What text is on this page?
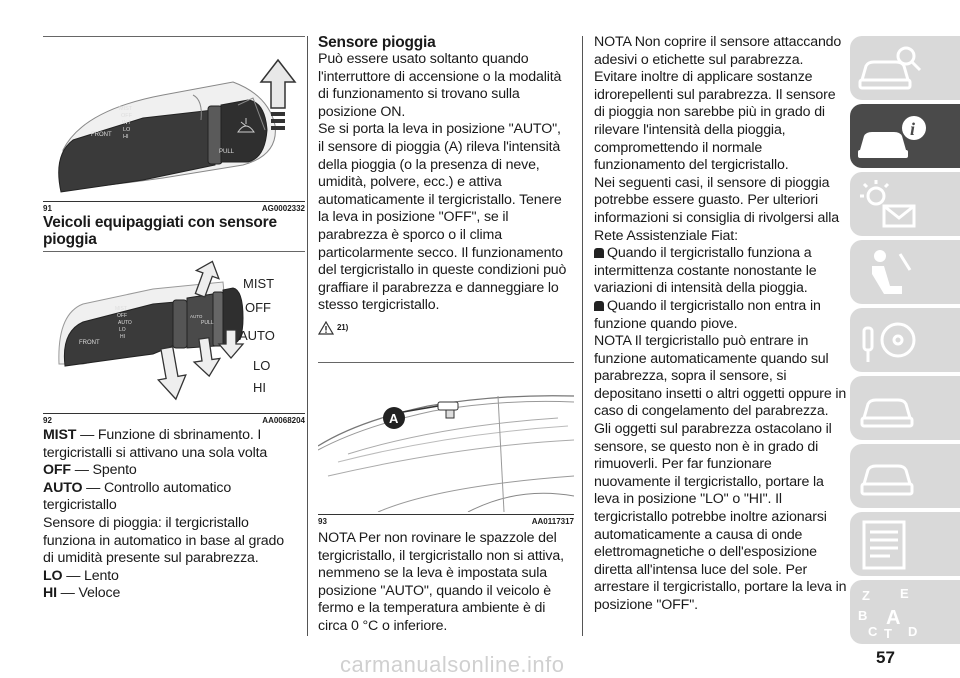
FRONT
MIST
OFF
INT
LO
HI
PULL
91	AG0002332
Veicoli equipaggiati con sensore pioggia
FRONT
MIST
OFF
AUTO
LO
HI
AUTO
PULL
MIST
OFF
AUTO
LO
HI
92	AA0068204

MIST — Funzione di sbrinamento. I tergicristalli si attivano una sola volta

OFF — Spento

AUTO — Controllo automatico tergicristallo

Sensore di pioggia: il tergicristallo funziona in automatico in base al grado di umidità presente sul parabrezza.

LO — Lento

HI — Veloce

Sensore pioggia

Può essere usato soltanto quando l'interruttore di accensione o la modalità di funzionamento si trovano sulla posizione ON.

Se si porta la leva in posizione "AUTO", il sensore di pioggia (A) rileva l'intensità della pioggia (o la presenza di neve, umidità, polvere, ecc.) e attiva automaticamente il tergicristallo. Tenere la leva in posizione "OFF", se il parabrezza è sporco o il clima particolarmente secco. Il funzionamento del tergicristallo in queste condizioni può graffiare il parabrezza e danneggiare lo stesso tergicristallo.

21)
A
93	AA0117317

NOTA Per non rovinare le spazzole del tergicristallo, il tergicristallo non si attiva, nemmeno se la leva è impostata sula posizione "AUTO", quando il veicolo è fermo e la temperatura ambiente è di circa 0 °C o inferiore.

NOTA Non coprire il sensore attaccando adesivi o etichette sul parabrezza. Evitare inoltre di applicare sostanze idrorepellenti sul parabrezza. Il sensore di pioggia non sarebbe più in grado di rilevare l'intensità della pioggia, compromettendo il normale funzionamento del tergicristallo.

Nei seguenti casi, il sensore di pioggia potrebbe essere guasto. Per ulteriori informazioni si consiglia di rivolgersi alla Rete Assistenziale Fiat:

Quando il tergicristallo funziona a intermittenza costante nonostante le variazioni di intensità della pioggia.

Quando il tergicristallo non entra in funzione quando piove.

NOTA Il tergicristallo può entrare in funzione automaticamente quando sul parabrezza, sopra il sensore, si depositano insetti o altri oggetti oppure in caso di congelamento del parabrezza. Gli oggetti sul parabrezza ostacolano il sensore, se questo non è in grado di rimuoverli. Per far funzionare nuovamente il tergicristallo, portare la leva in posizione "LO" o "HI". Il tergicristallo potrebbe inoltre azionarsi automaticamente a causa di onde elettromagnetiche o dell'esposizione diretta all'intensa luce del sole. Per arrestare il tergicristallo, portare la leva in posizione "OFF".

i
Z E
B A
C T D
57
carmanualsonline.info
